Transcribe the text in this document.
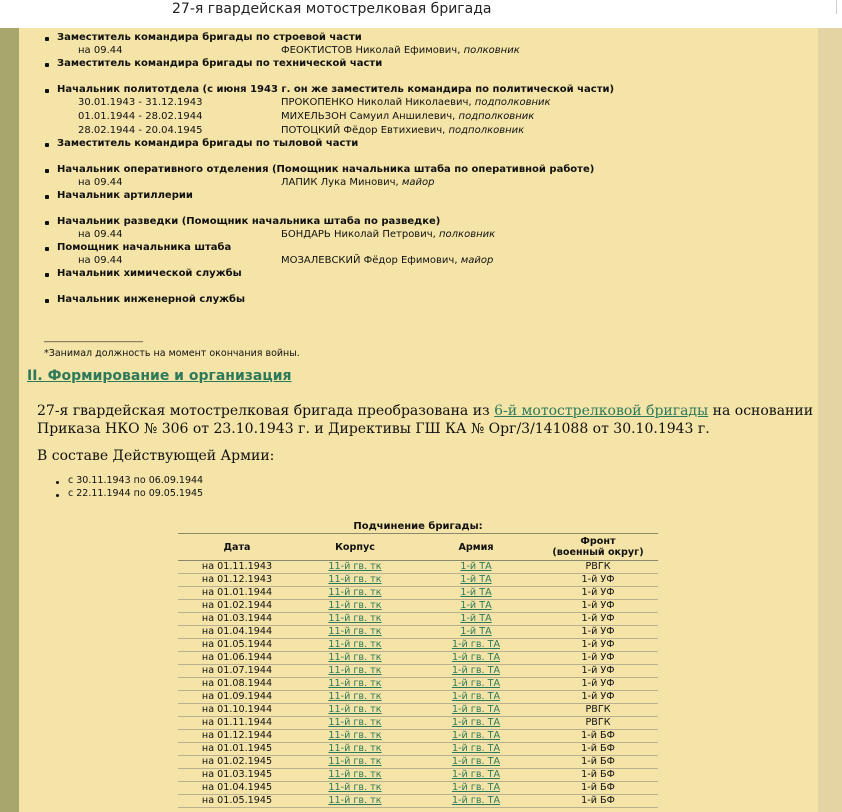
27-я гвардейская мотострелковая бригада
Заместитель командира бригады по строевой части
на 09.44	ФЕОКТИСТОВ Николай Ефимович, полковник
Заместитель командира бригады по технической части
Начальник политотдела (с июня 1943 г. он же заместитель командира по политической части)
30.01.1943 - 31.12.1943	ПРОКОПЕНКО Николай Николаевич, подполковник
01.01.1944 - 28.02.1944	МИХЕЛЬЗОН Самуил Аншилевич, подполковник
28.02.1944 - 20.04.1945	ПОТОЦКИЙ Фёдор Евтихиевич, подполковник
Заместитель командира бригады по тыловой части
Начальник оперативного отделения (Помощник начальника штаба по оперативной работе)
на 09.44	ЛАПИК Лука Минович, майор
Начальник артиллерии
Начальник разведки (Помощник начальника штаба по разведке)
на 09.44	БОНДАРЬ Николай Петрович, полковник
Помощник начальника штаба
на 09.44	МОЗАЛЕВСКИЙ Фёдор Ефимович, майор
Начальник химической службы
Начальник инженерной службы
______________________
*Занимал должность на момент окончания войны.
II. Формирование и организация
27-я гвардейская мотострелковая бригада преобразована из 6-й мотострелковой бригады на основании
Приказа НКО № 306 от 23.10.1943 г. и Директивы ГШ КА № Орг/3/141088 от 30.10.1943 г.
В составе Действующей Армии:
с 30.11.1943 по 06.09.1944
с 22.11.1944 по 09.05.1945
Подчинение бригады:
Дата	Корпус	Армия	Фронт
(военный округ)
на 01.11.1943	11-й гв. тк	1-й ТА	РВГК
на 01.12.1943	11-й гв. тк	1-й ТА	1-й УФ
на 01.01.1944	11-й гв. тк	1-й ТА	1-й УФ
на 01.02.1944	11-й гв. тк	1-й ТА	1-й УФ
на 01.03.1944	11-й гв. тк	1-й ТА	1-й УФ
на 01.04.1944	11-й гв. тк	1-й ТА	1-й УФ
на 01.05.1944	11-й гв. тк	1-й гв. ТА	1-й УФ
на 01.06.1944	11-й гв. тк	1-й гв. ТА	1-й УФ
на 01.07.1944	11-й гв. тк	1-й гв. ТА	1-й УФ
на 01.08.1944	11-й гв. тк	1-й гв. ТА	1-й УФ
на 01.09.1944	11-й гв. тк	1-й гв. ТА	1-й УФ
на 01.10.1944	11-й гв. тк	1-й гв. ТА	РВГК
на 01.11.1944	11-й гв. тк	1-й гв. ТА	РВГК
на 01.12.1944	11-й гв. тк	1-й гв. ТА	1-й БФ
на 01.01.1945	11-й гв. тк	1-й гв. ТА	1-й БФ
на 01.02.1945	11-й гв. тк	1-й гв. ТА	1-й БФ
на 01.03.1945	11-й гв. тк	1-й гв. ТА	1-й БФ
на 01.04.1945	11-й гв. тк	1-й гв. ТА	1-й БФ
на 01.05.1945	11-й гв. тк	1-й гв. ТА	1-й БФ
